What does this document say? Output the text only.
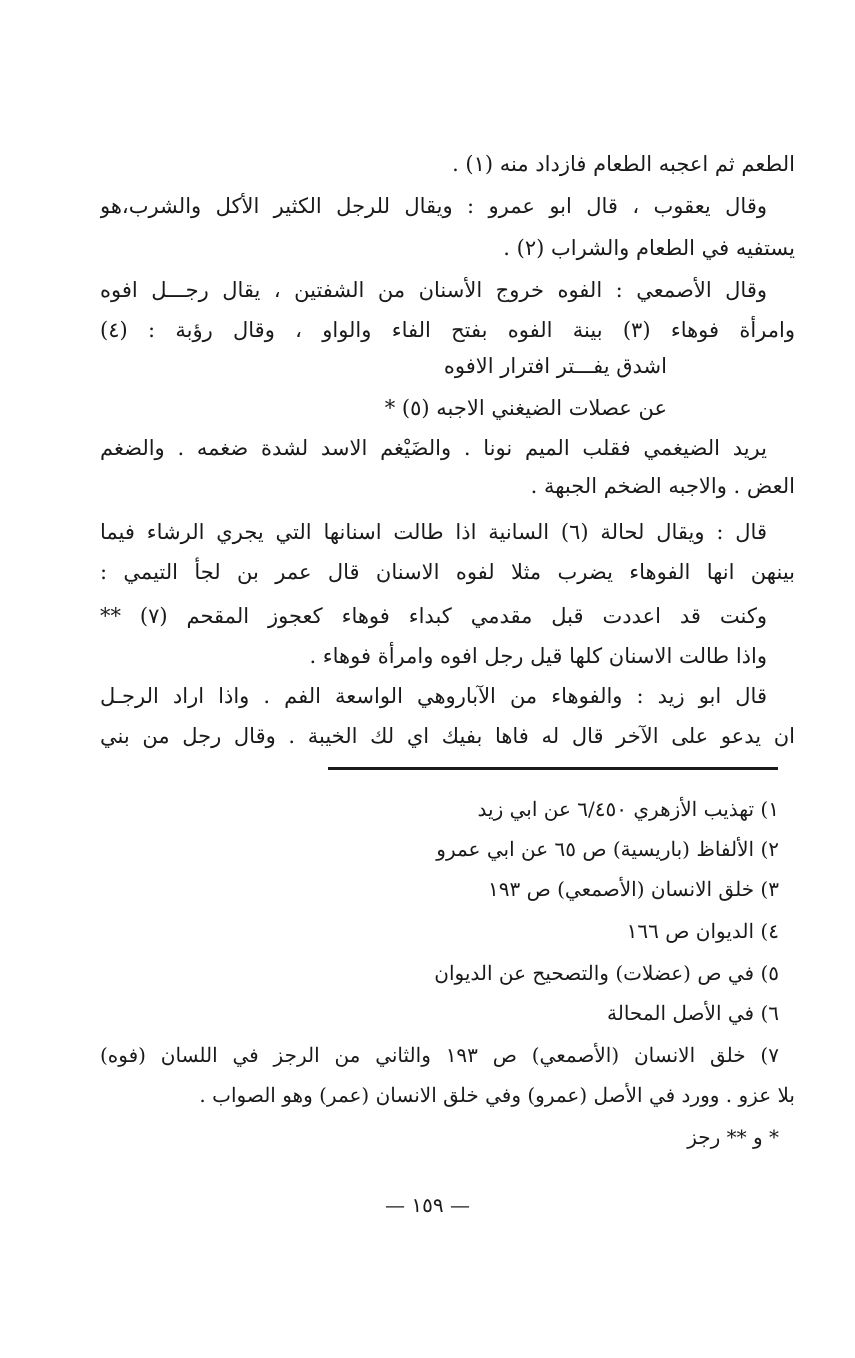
الطعم ثم اعجبه الطعام فازداد منه (١) .
وقال يعقوب ، قال ابو عمرو : ويقال للرجل الكثير الأكل والشرب،هو
يستفيه في الطعام والشراب (٢) .
وقال الأصمعي : الفوه خروج الأسنان من الشفتين ، يقال رجـــل افوه
وامرأة فوهاء (٣) بينة الفوه بفتح الفاء والواو ، وقال رؤبة : (٤)
اشدق يفـــتر افترار الافوه
عن عصلات الضيغني الاجبه (٥) *
يريد الضيغمي فقلب الميم نونا . والضَيْغم الاسد لشدة ضغمه . والضغم
العض . والاجبه الضخم الجبهة .
قال : ويقال لحالة (٦) السانية اذا طالت اسنانها التي يجري الرشاء فيما
بينهن انها الفوهاء يضرب مثلا لفوه الاسنان قال عمر بن لجأ التيمي :
وكنت قد اعددت قبل مقدمي كبداء فوهاء كعجوز المقحم (٧) **
واذا طالت الاسنان كلها قيل رجل افوه وامرأة فوهاء .
قال ابو زيد : والفوهاء من الآباروهي الواسعة الفم . واذا اراد الرجـل
ان يدعو على الآخر قال له فاها بفيك اي لك الخيبة . وقال رجل من بني
١) تهذيب الأزهري ٦/٤٥٠ عن ابي زيد
٢) الألفاظ (باريسية) ص ٦٥ عن ابي عمرو
٣) خلق الانسان (الأصمعي) ص ١٩٣
٤) الديوان ص ١٦٦
٥) في ص (عضلات) والتصحيح عن الديوان
٦) في الأصل المحالة
٧) خلق الانسان (الأصمعي) ص ١٩٣ والثاني من الرجز في اللسان (فوه)
بلا عزو . وورد في الأصل (عمرو) وفي خلق الانسان (عمر) وهو الصواب .
* و ** رجز
— ١٥٩ —
